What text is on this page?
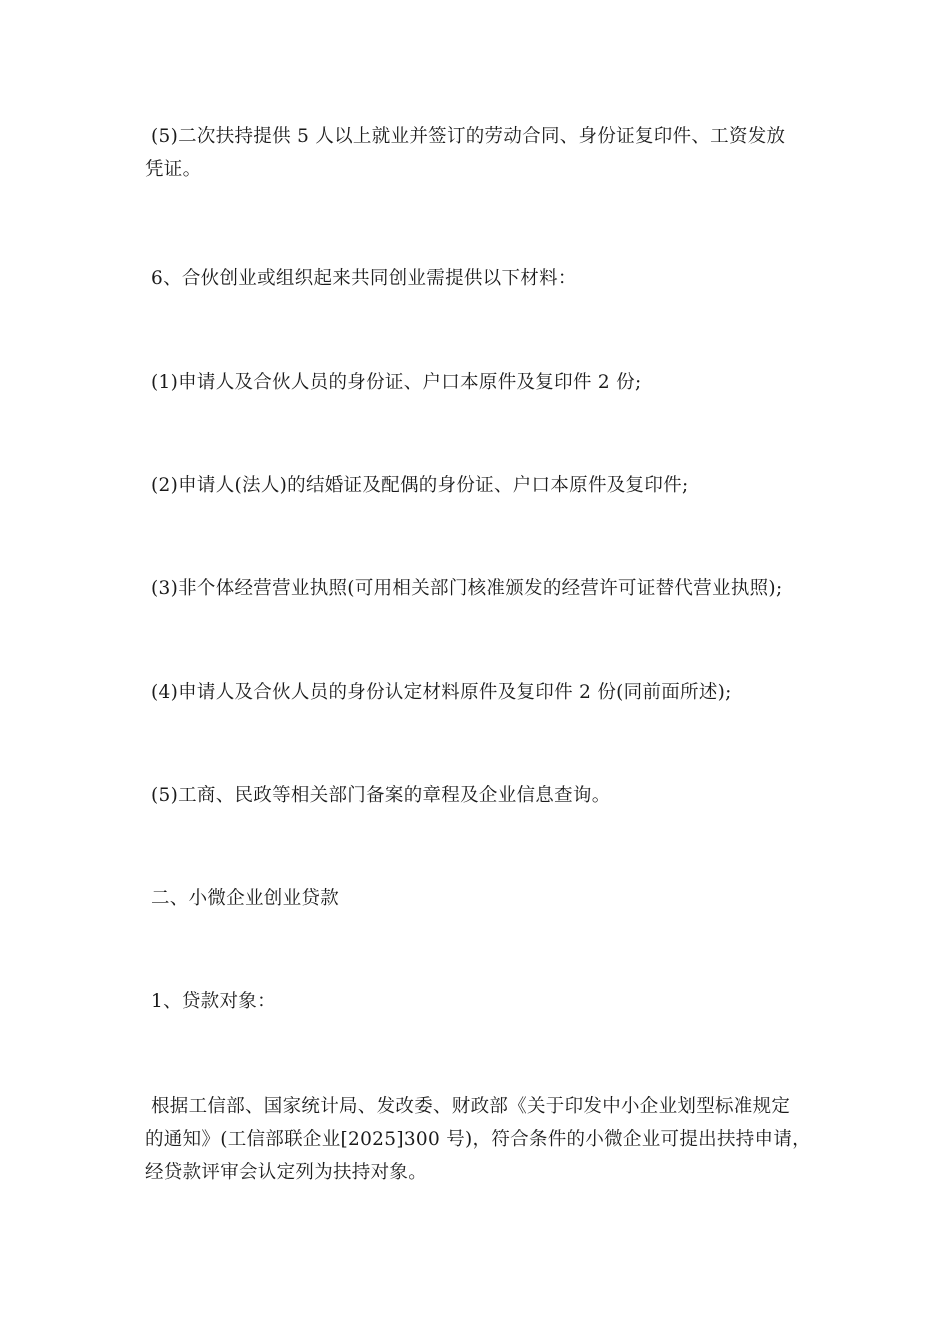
(5)二次扶持提供 5 人以上就业并签订的劳动合同、身份证复印件、工资发放
凭证。
6、合伙创业或组织起来共同创业需提供以下材料：
(1)申请人及合伙人员的身份证、户口本原件及复印件 2 份;
(2)申请人(法人)的结婚证及配偶的身份证、户口本原件及复印件;
(3)非个体经营营业执照(可用相关部门核准颁发的经营许可证替代营业执照);
(4)申请人及合伙人员的身份认定材料原件及复印件 2 份(同前面所述);
(5)工商、民政等相关部门备案的章程及企业信息查询。
二、小微企业创业贷款
1、贷款对象：
根据工信部、国家统计局、发改委、财政部《关于印发中小企业划型标准规定
的通知》(工信部联企业[2025]300 号)，符合条件的小微企业可提出扶持申请，
经贷款评审会认定列为扶持对象。
